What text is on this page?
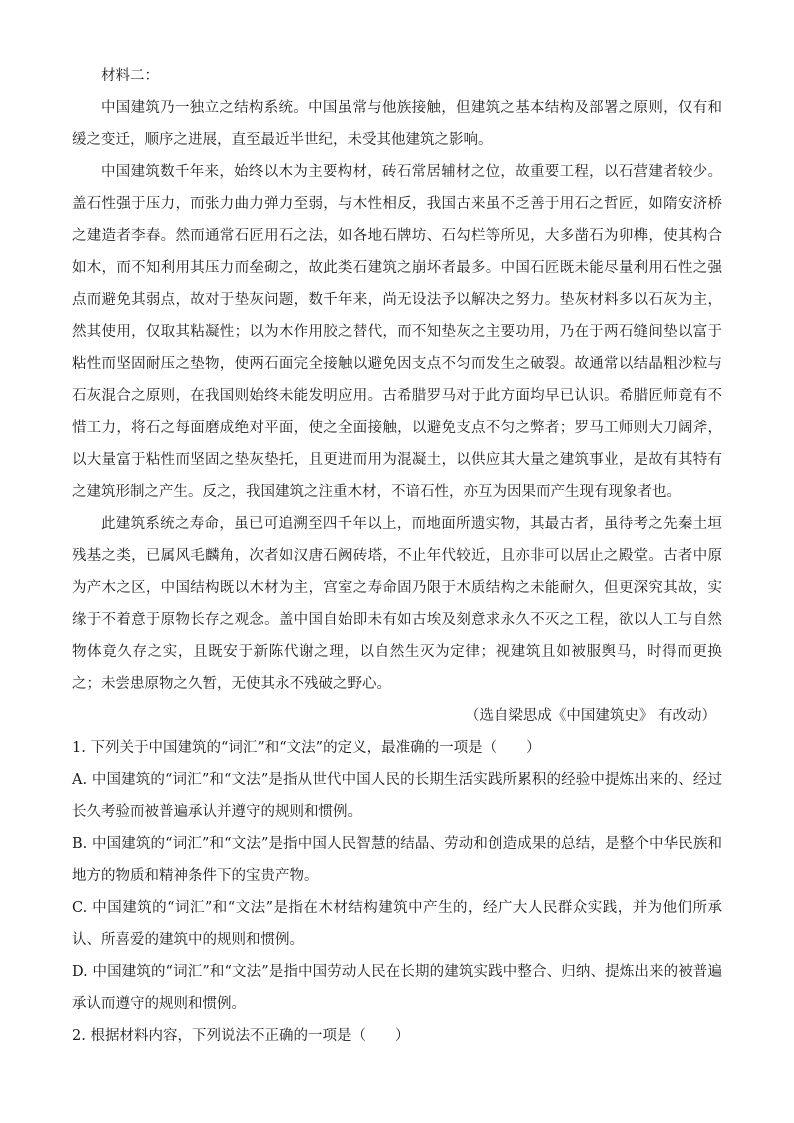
材料二：

中国建筑乃一独立之结构系统。中国虽常与他族接触，但建筑之基本结构及部署之原则，仅有和缓之变迁，顺序之进展，直至最近半世纪，未受其他建筑之影响。

中国建筑数千年来，始终以木为主要构材，砖石常居辅材之位，故重要工程，以石营建者较少。盖石性强于压力，而张力曲力弹力至弱，与木性相反，我国古来虽不乏善于用石之哲匠，如隋安济桥之建造者李春。然而通常石匠用石之法，如各地石牌坊、石勾栏等所见，大多凿石为卯榫，使其构合如木，而不知利用其压力而垒砌之，故此类石建筑之崩坏者最多。中国石匠既未能尽量利用石性之强点而避免其弱点，故对于垫灰问题，数千年来，尚无设法予以解决之努力。垫灰材料多以石灰为主，然其使用，仅取其粘凝性；以为木作用胶之替代，而不知垫灰之主要功用，乃在于两石缝间垫以富于粘性而坚固耐压之垫物，使两石面完全接触以避免因支点不匀而发生之破裂。故通常以结晶粗沙粒与石灰混合之原则，在我国则始终未能发明应用。古希腊罗马对于此方面均早已认识。希腊匠师竟有不惜工力，将石之每面磨成绝对平面，使之全面接触，以避免支点不匀之弊者；罗马工师则大刀阔斧，以大量富于粘性而坚固之垫灰垫托，且更进而用为混凝土，以供应其大量之建筑事业，是故有其特有之建筑形制之产生。反之，我国建筑之注重木材，不谙石性，亦互为因果而产生现有现象者也。

此建筑系统之寿命，虽已可追溯至四千年以上，而地面所遗实物，其最古者，虽待考之先秦土垣残基之类，已属风毛麟角，次者如汉唐石阙砖塔，不止年代较近，且亦非可以居止之殿堂。古者中原为产木之区，中国结构既以木材为主，宫室之寿命固乃限于木质结构之未能耐久，但更深究其故，实缘于不着意于原物长存之观念。盖中国自始即未有如古埃及刻意求永久不灭之工程，欲以人工与自然物体竟久存之实，且既安于新陈代谢之理，以自然生灭为定律；视建筑且如被服舆马，时得而更换之；未尝患原物之久暂，无使其永不残破之野心。

（选自梁思成《中国建筑史》 有改动）

1. 下列关于中国建筑的“词汇”和“文法”的定义，最准确的一项是（　　）

A. 中国建筑的“词汇”和“文法”是指从世代中国人民的长期生活实践所累积的经验中提炼出来的、经过长久考验而被普遍承认并遵守的规则和惯例。

B. 中国建筑的“词汇”和“文法”是指中国人民智慧的结晶、劳动和创造成果的总结，是整个中华民族和地方的物质和精神条件下的宝贵产物。

C. 中国建筑的“词汇”和“文法”是指在木材结构建筑中产生的，经广大人民群众实践，并为他们所承认、所喜爱的建筑中的规则和惯例。

D. 中国建筑的“词汇”和“文法”是指中国劳动人民在长期的建筑实践中整合、归纳、提炼出来的被普遍承认而遵守的规则和惯例。

2. 根据材料内容，下列说法不正确的一项是（　　）
